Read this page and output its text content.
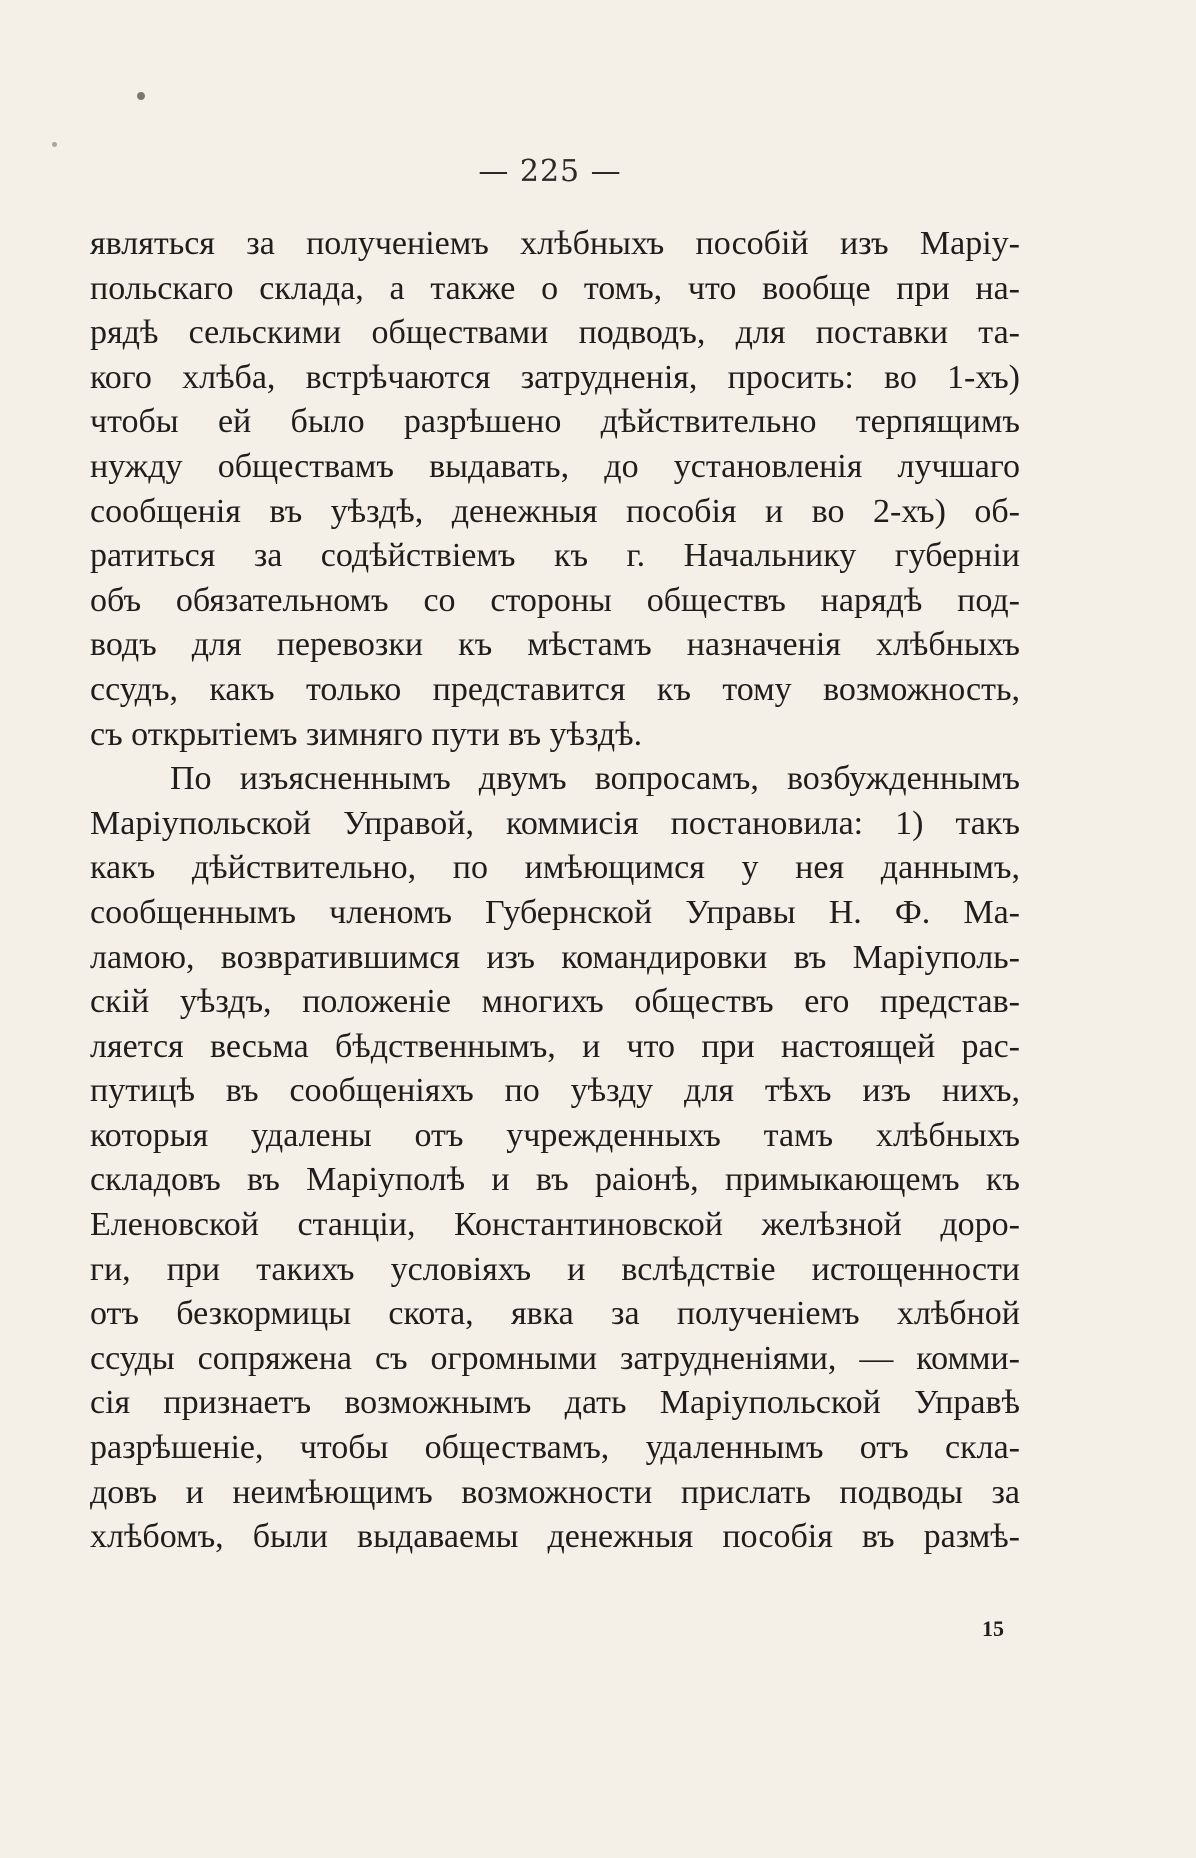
— 225 —
являться за полученіемъ хлѣбныхъ пособій изъ Маріу-
польскаго склада, а также о томъ, что вообще при на-
рядѣ сельскими обществами подводъ, для поставки та-
кого хлѣба, встрѣчаются затрудненія, просить: во 1-хъ)
чтобы ей было разрѣшено дѣйствительно терпящимъ
нужду обществамъ выдавать, до установленія лучшаго
сообщенія въ уѣздѣ, денежныя пособія и во 2-хъ) об-
ратиться за содѣйствіемъ къ г. Начальнику губерніи
объ обязательномъ со стороны обществъ нарядѣ под-
водъ для перевозки къ мѣстамъ назначенія хлѣбныхъ
ссудъ, какъ только представится къ тому возможность,
съ открытіемъ зимняго пути въ уѣздѣ.
По изъясненнымъ двумъ вопросамъ, возбужденнымъ
Маріупольской Управой, коммисія постановила: 1) такъ
какъ дѣйствительно, по имѣющимся у нея даннымъ,
сообщеннымъ членомъ Губернской Управы Н. Ф. Ма-
ламою, возвратившимся изъ командировки въ Маріуполь-
скій уѣздъ, положеніе многихъ обществъ его представ-
ляется весьма бѣдственнымъ, и что при настоящей рас-
путицѣ въ сообщеніяхъ по уѣзду для тѣхъ изъ нихъ,
которыя удалены отъ учрежденныхъ тамъ хлѣбныхъ
складовъ въ Маріуполѣ и въ раіонѣ, примыкающемъ къ
Еленовской станціи, Константиновской желѣзной доро-
ги, при такихъ условіяхъ и вслѣдствіе истощенности
отъ безкормицы скота, явка за полученіемъ хлѣбной
ссуды сопряжена съ огромными затрудненіями, — комми-
сія признаетъ возможнымъ дать Маріупольской Управѣ
разрѣшеніе, чтобы обществамъ, удаленнымъ отъ скла-
довъ и неимѣющимъ возможности прислать подводы за
хлѣбомъ, были выдаваемы денежныя пособія въ размѣ-
15
